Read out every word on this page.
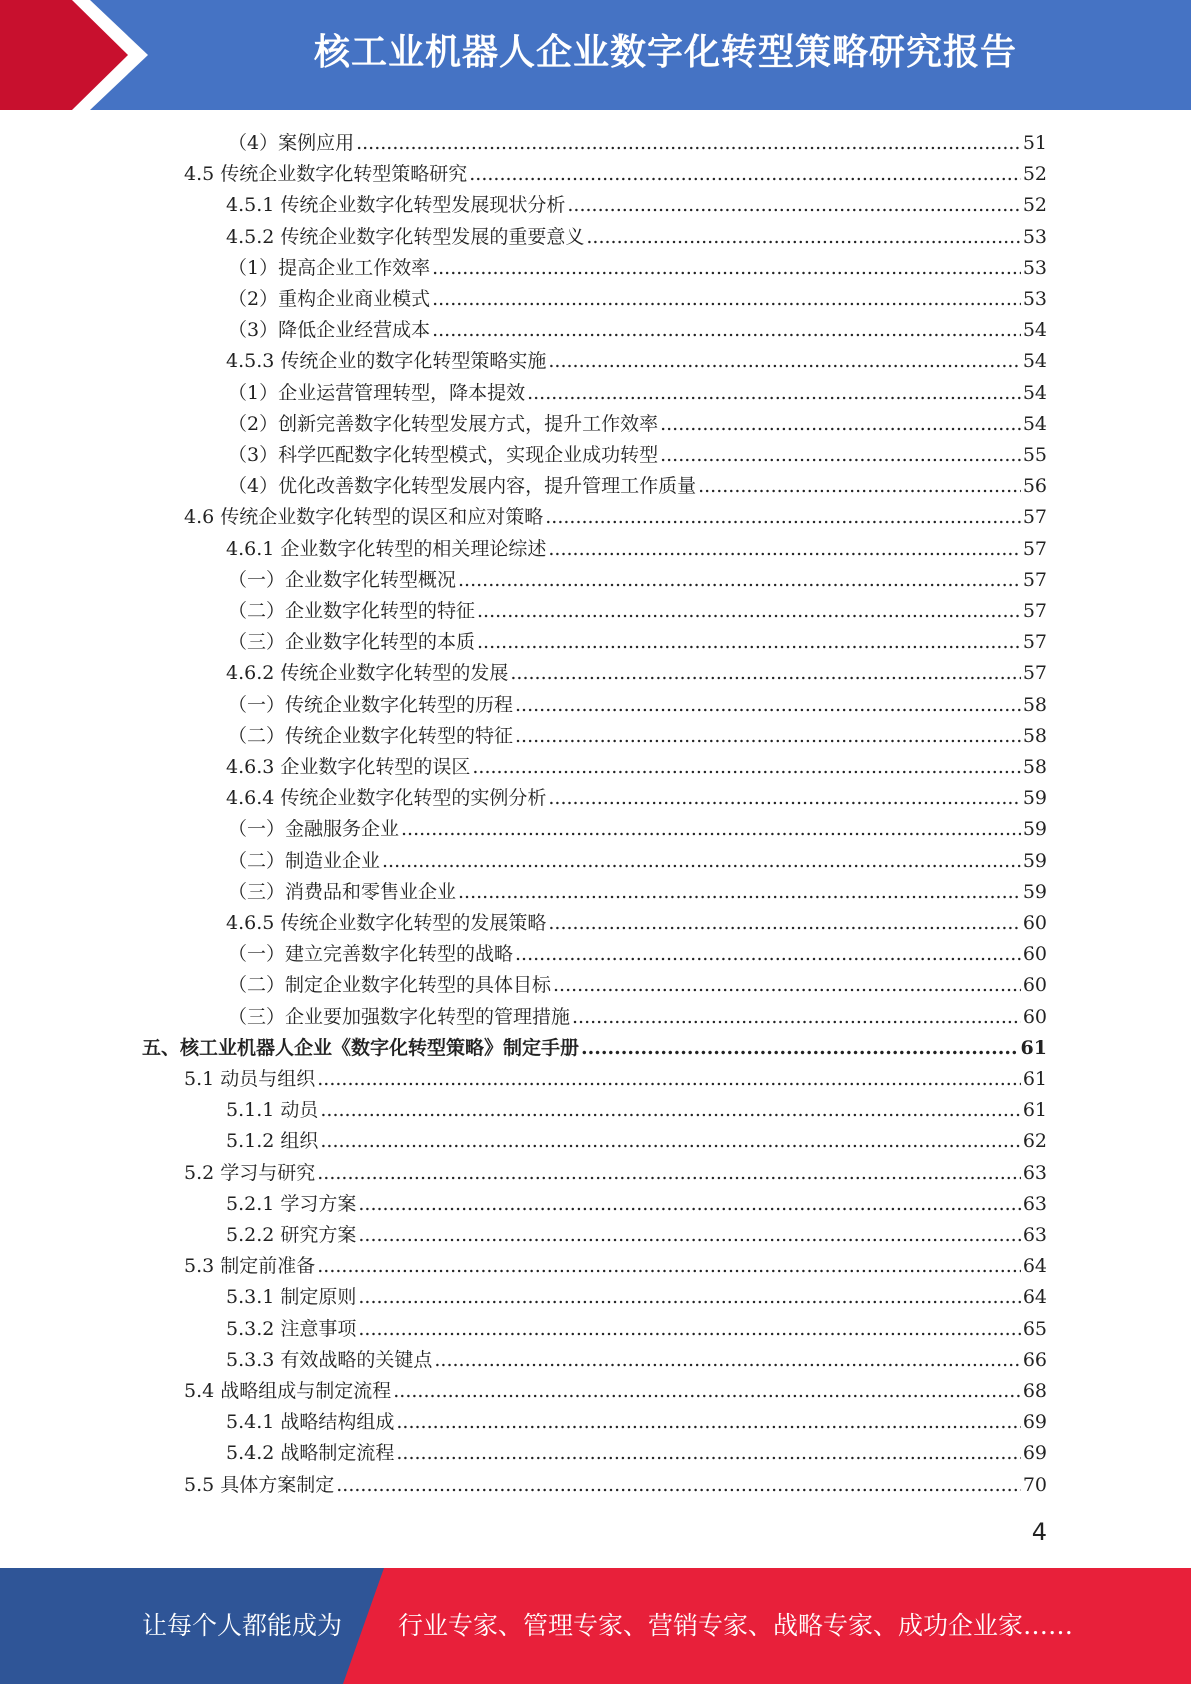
核工业机器人企业数字化转型策略研究报告
（4）案例应用 .....	51
4.5 传统企业数字化转型策略研究 .....	52
4.5.1 传统企业数字化转型发展现状分析 .....	52
4.5.2 传统企业数字化转型发展的重要意义 .....	53
（1）提高企业工作效率 .....	53
（2）重构企业商业模式 .....	53
（3）降低企业经营成本 .....	54
4.5.3 传统企业的数字化转型策略实施 .....	54
（1）企业运营管理转型，降本提效 .....	54
（2）创新完善数字化转型发展方式，提升工作效率 .....	54
（3）科学匹配数字化转型模式，实现企业成功转型 .....	55
（4）优化改善数字化转型发展内容，提升管理工作质量 .....	56
4.6 传统企业数字化转型的误区和应对策略 .....	57
4.6.1 企业数字化转型的相关理论综述 .....	57
（一）企业数字化转型概况 .....	57
（二）企业数字化转型的特征 .....	57
（三）企业数字化转型的本质 .....	57
4.6.2 传统企业数字化转型的发展 .....	57
（一）传统企业数字化转型的历程 .....	58
（二）传统企业数字化转型的特征 .....	58
4.6.3 企业数字化转型的误区 .....	58
4.6.4 传统企业数字化转型的实例分析 .....	59
（一）金融服务企业 .....	59
（二）制造业企业 .....	59
（三）消费品和零售业企业 .....	59
4.6.5 传统企业数字化转型的发展策略 .....	60
（一）建立完善数字化转型的战略 .....	60
（二）制定企业数字化转型的具体目标 .....	60
（三）企业要加强数字化转型的管理措施 .....	60
五、核工业机器人企业《数字化转型策略》制定手册 .....	61
5.1 动员与组织 .....	61
5.1.1 动员 .....	61
5.1.2 组织 .....	62
5.2 学习与研究 .....	63
5.2.1 学习方案 .....	63
5.2.2 研究方案 .....	63
5.3 制定前准备 .....	64
5.3.1 制定原则 .....	64
5.3.2 注意事项 .....	65
5.3.3 有效战略的关键点 .....	66
5.4 战略组成与制定流程 .....	68
5.4.1 战略结构组成 .....	69
5.4.2 战略制定流程 .....	69
5.5 具体方案制定 .....	70
4
让每个人都能成为 行业专家、管理专家、营销专家、战略专家、成功企业家……
